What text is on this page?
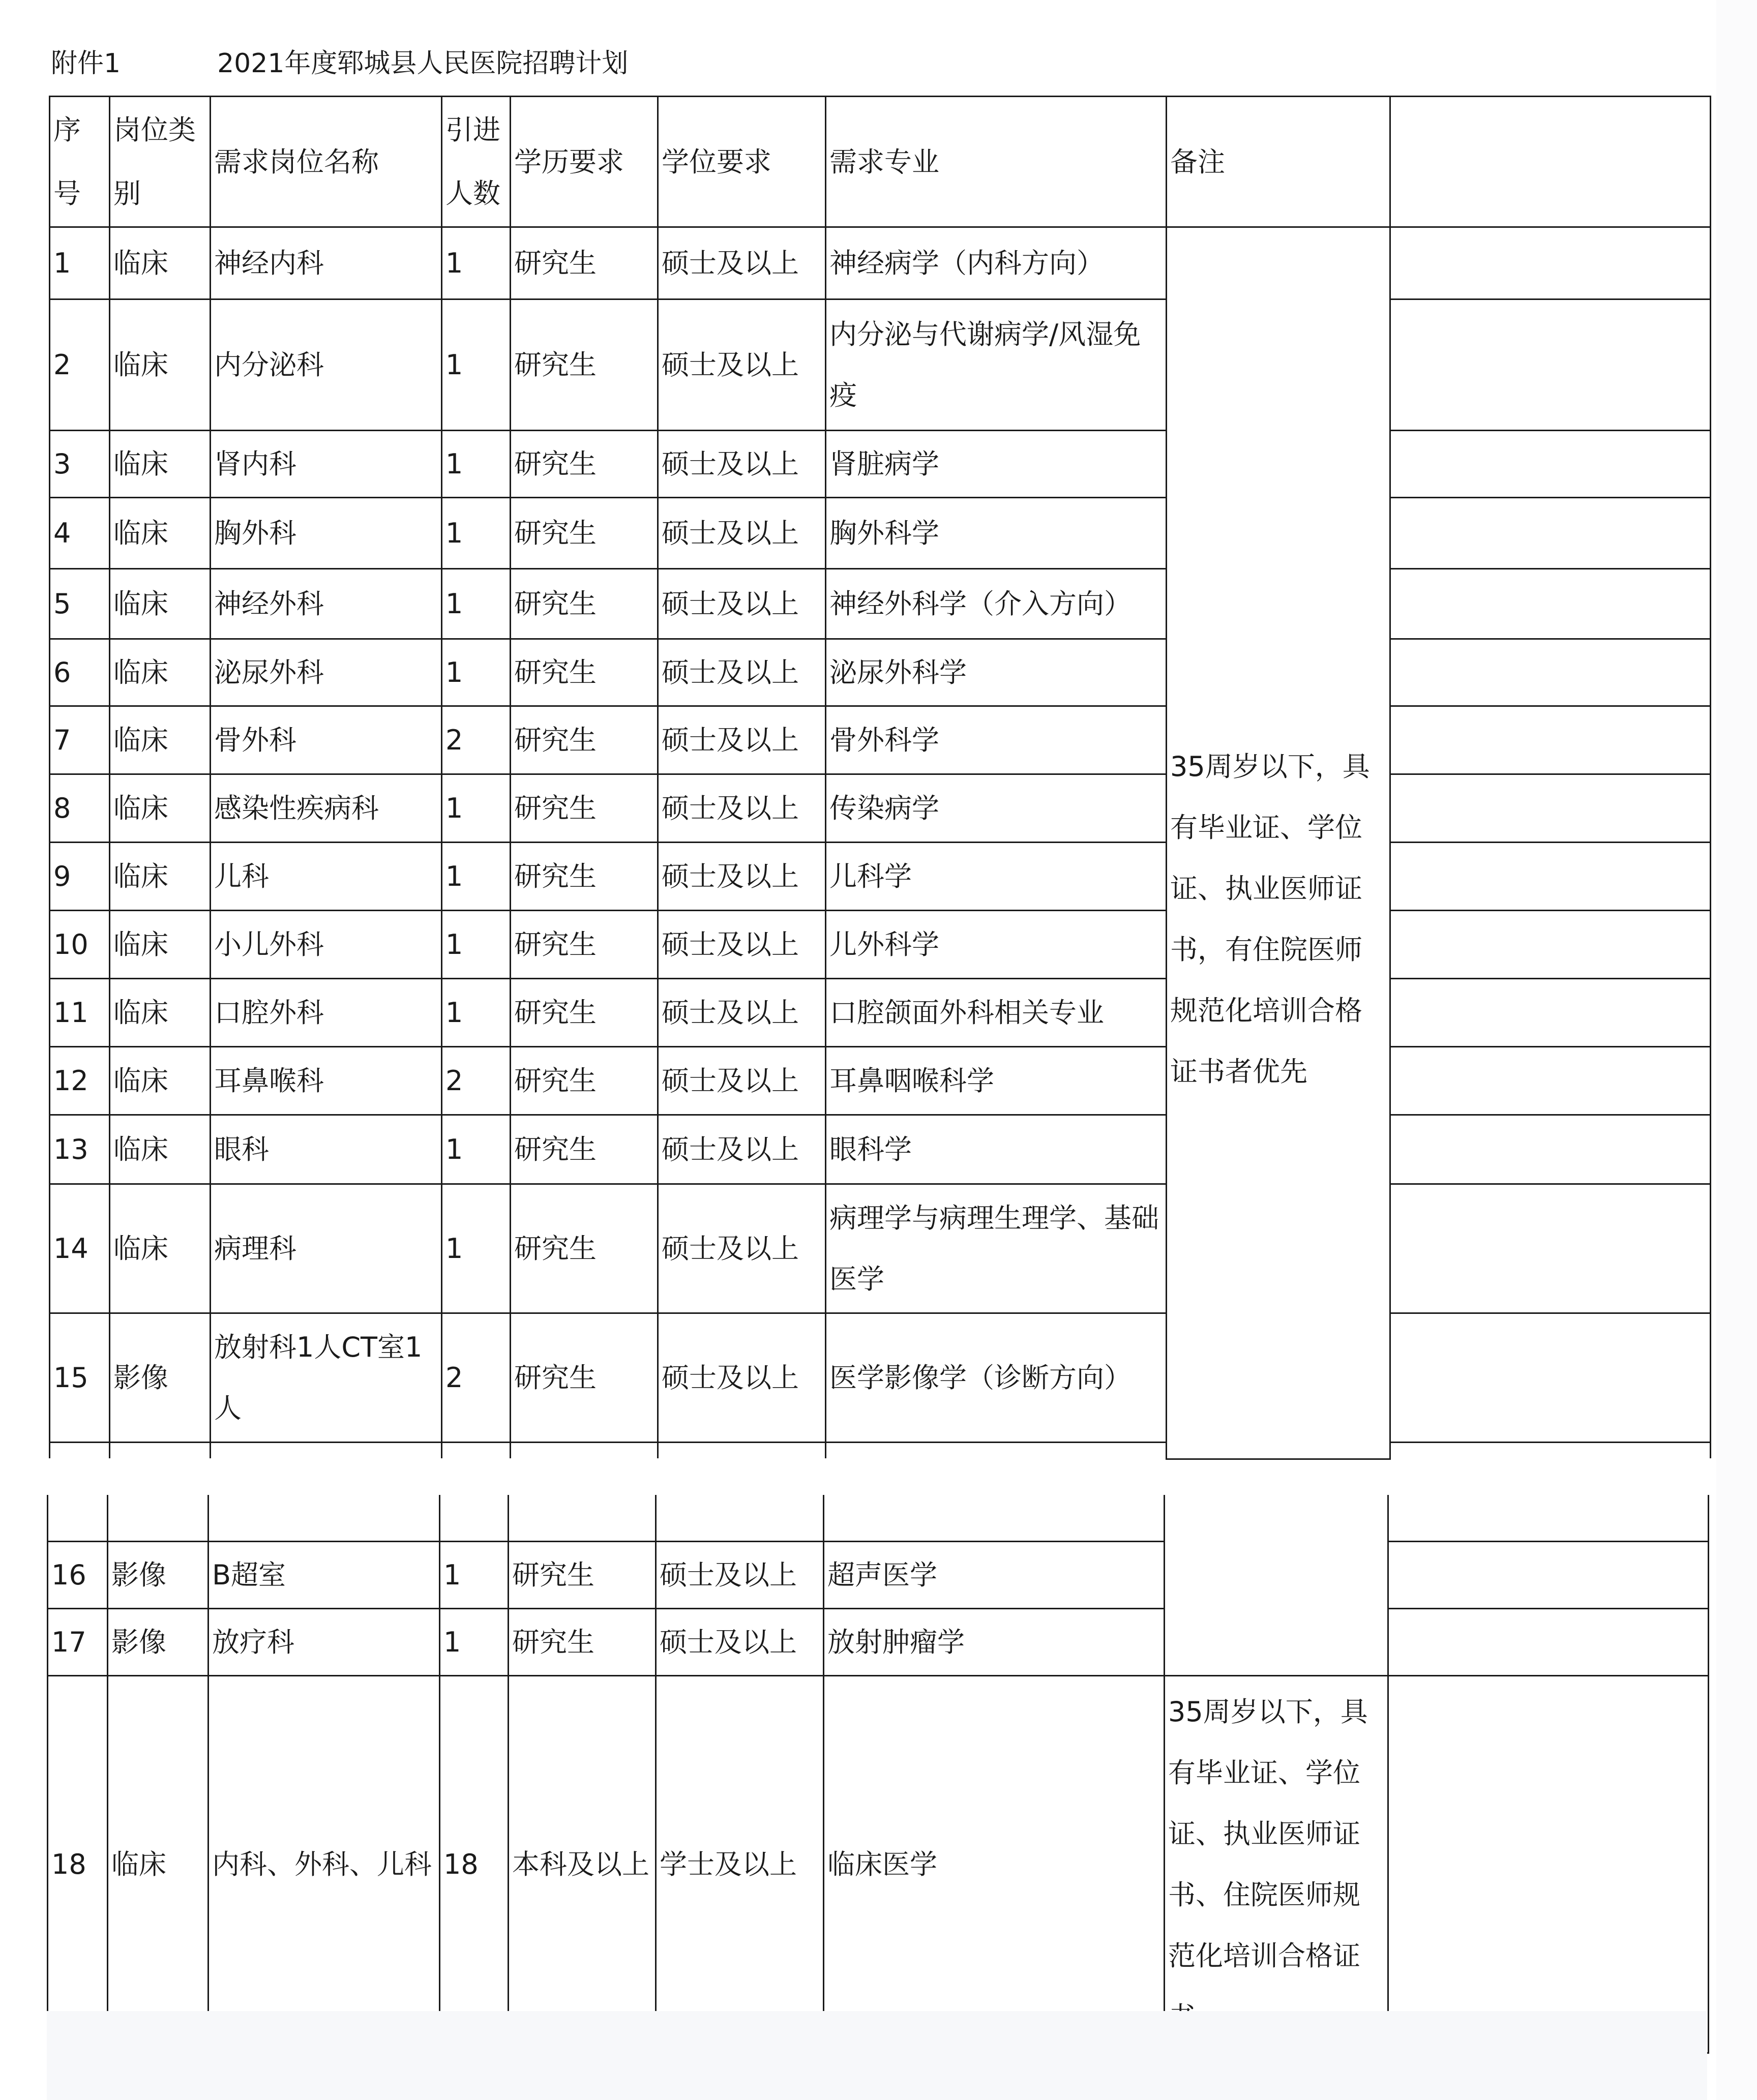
附件1	2021年度郓城县人民医院招聘计划
序号	岗位类别	需求岗位名称	引进人数	学历要求	学位要求	需求专业	备注	
1	临床	神经内科	1	研究生	硕士及以上	神经病学（内科方向）	35周岁以下，具有毕业证、学位证、执业医师证书，有住院医师规范化培训合格证书者优先	
2	临床	内分泌科	1	研究生	硕士及以上	内分泌与代谢病学/风湿免疫		
3	临床	肾内科	1	研究生	硕士及以上	肾脏病学		
4	临床	胸外科	1	研究生	硕士及以上	胸外科学		
5	临床	神经外科	1	研究生	硕士及以上	神经外科学（介入方向）		
6	临床	泌尿外科	1	研究生	硕士及以上	泌尿外科学		
7	临床	骨外科	2	研究生	硕士及以上	骨外科学		
8	临床	感染性疾病科	1	研究生	硕士及以上	传染病学		
9	临床	儿科	1	研究生	硕士及以上	儿科学		
10	临床	小儿外科	1	研究生	硕士及以上	儿外科学		
11	临床	口腔外科	1	研究生	硕士及以上	口腔颌面外科相关专业		
12	临床	耳鼻喉科	2	研究生	硕士及以上	耳鼻咽喉科学		
13	临床	眼科	1	研究生	硕士及以上	眼科学		
14	临床	病理科	1	研究生	硕士及以上	病理学与病理生理学、基础医学		
15	影像	放射科1人CT室1人	2	研究生	硕士及以上	医学影像学（诊断方向）		

16	影像	B超室	1	研究生	硕士及以上	超声医学		
17	影像	放疗科	1	研究生	硕士及以上	放射肿瘤学		
18	临床	内科、外科、儿科	18	本科及以上	学士及以上	临床医学	35周岁以下，具有毕业证、学位证、执业医师证书、住院医师规范化培训合格证	
